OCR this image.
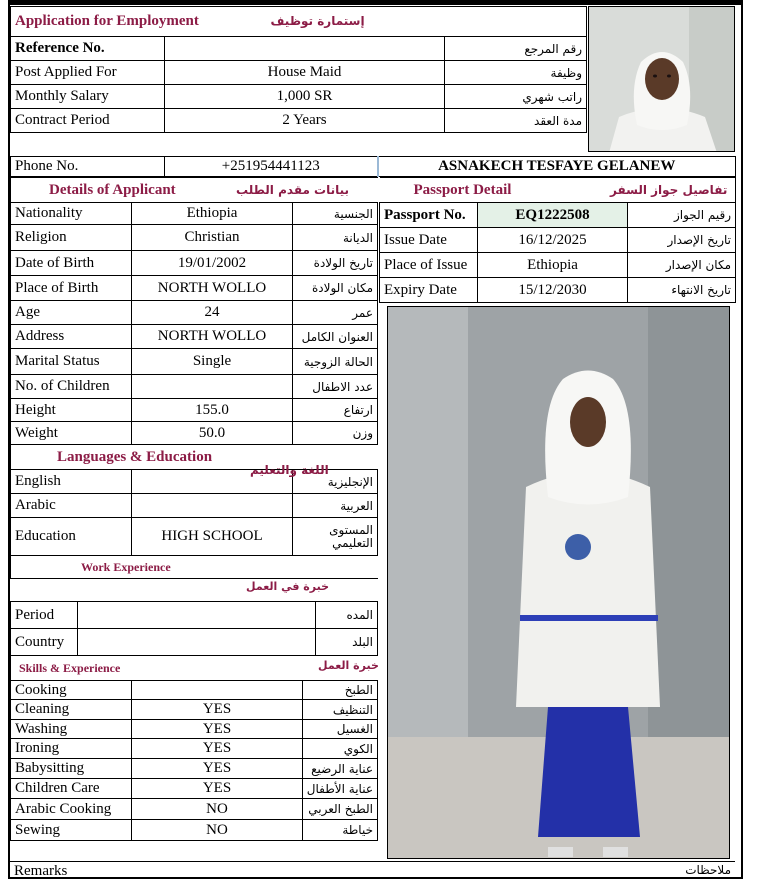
Application for Employment إستمارة توظيف		

Reference No.		رقم المرجع
Post Applied For	House Maid	وظيفة
Monthly Salary	1,000 SR	راتب شهري
Contract Period	2 Years	مدة العقد
Phone No.	+251954441123	ASNAKECH TESFAYE GELANEW
Details of Applicant بيانات مقدم الطلب		

Nationality	Ethiopia	الجنسية
Religion	Christian	الديانة
Date of Birth	19/01/2002	تاريخ الولادة
Place of Birth	NORTH WOLLO	مكان الولادة
Age	24	عمر
Address	NORTH WOLLO	العنوان الكامل
Marital Status	Single	الحالة الزوجية
No. of Children		عدد الاطفال
Height	155.0	ارتفاع
Weight	50.0	وزن
Languages & Education
اللغة والتعليم		

English		الإنجليزية
Arabic		العربية
Education	HIGH SCHOOL	المستوى التعليمي
Work Experience
خبرة في العمل		
Period		المده
Country		البلد
Skills & Experience خبرة العمل		
Cooking		الطبخ
Cleaning	YES	التنظيف
Washing	YES	الغسيل
Ironing	YES	الكوي
Babysitting	YES	عناية الرضيع
Children Care	YES	عناية الأطفال
Arabic Cooking	NO	الطبخ العربي
Sewing	NO	خياطة
Passport Detail تفاصيل جواز السفر		

Passport No.	EQ1222508	رقيم الجواز
Issue Date	16/12/2025	تاريخ الإصدار
Place of Issue	Ethiopia	مكان الإصدار
Expiry Date	15/12/2030	تاريخ الانتهاء
Remarks	ملاحظات
